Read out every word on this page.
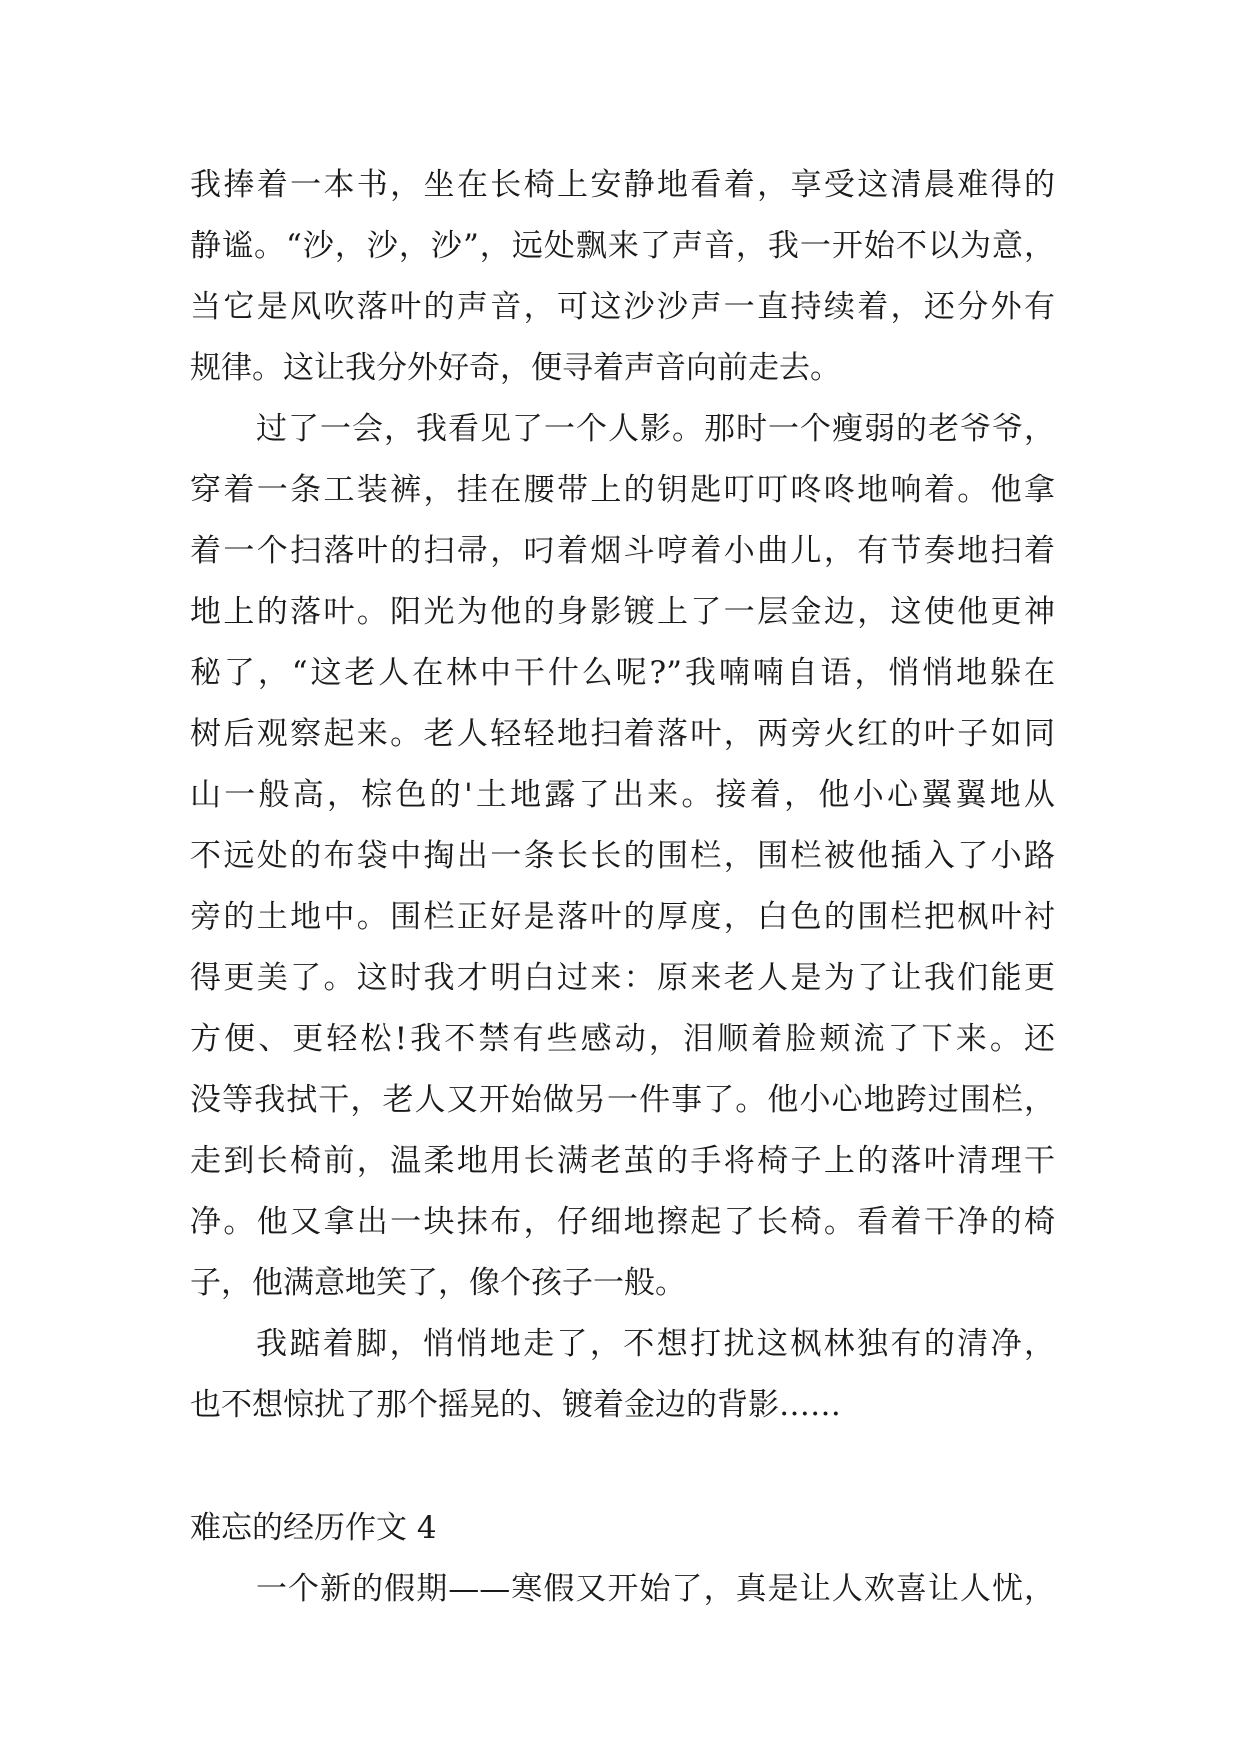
我捧着一本书，坐在长椅上安静地看着，享受这清晨难得的
静谧。“沙，沙，沙”，远处飘来了声音，我一开始不以为意，
当它是风吹落叶的声音，可这沙沙声一直持续着，还分外有
规律。这让我分外好奇，便寻着声音向前走去。
过了一会，我看见了一个人影。那时一个瘦弱的老爷爷，
穿着一条工装裤，挂在腰带上的钥匙叮叮咚咚地响着。他拿
着一个扫落叶的扫帚，叼着烟斗哼着小曲儿，有节奏地扫着
地上的落叶。阳光为他的身影镀上了一层金边，这使他更神
秘了，“这老人在林中干什么呢?”我喃喃自语，悄悄地躲在
树后观察起来。老人轻轻地扫着落叶，两旁火红的叶子如同
山一般高，棕色的'土地露了出来。接着，他小心翼翼地从
不远处的布袋中掏出一条长长的围栏，围栏被他插入了小路
旁的土地中。围栏正好是落叶的厚度，白色的围栏把枫叶衬
得更美了。这时我才明白过来：原来老人是为了让我们能更
方便、更轻松!我不禁有些感动，泪顺着脸颊流了下来。还
没等我拭干，老人又开始做另一件事了。他小心地跨过围栏，
走到长椅前，温柔地用长满老茧的手将椅子上的落叶清理干
净。他又拿出一块抹布，仔细地擦起了长椅。看着干净的椅
子，他满意地笑了，像个孩子一般。
我踮着脚，悄悄地走了，不想打扰这枫林独有的清净，
也不想惊扰了那个摇晃的、镀着金边的背影……
难忘的经历作文 4
一个新的假期——寒假又开始了，真是让人欢喜让人忧，
